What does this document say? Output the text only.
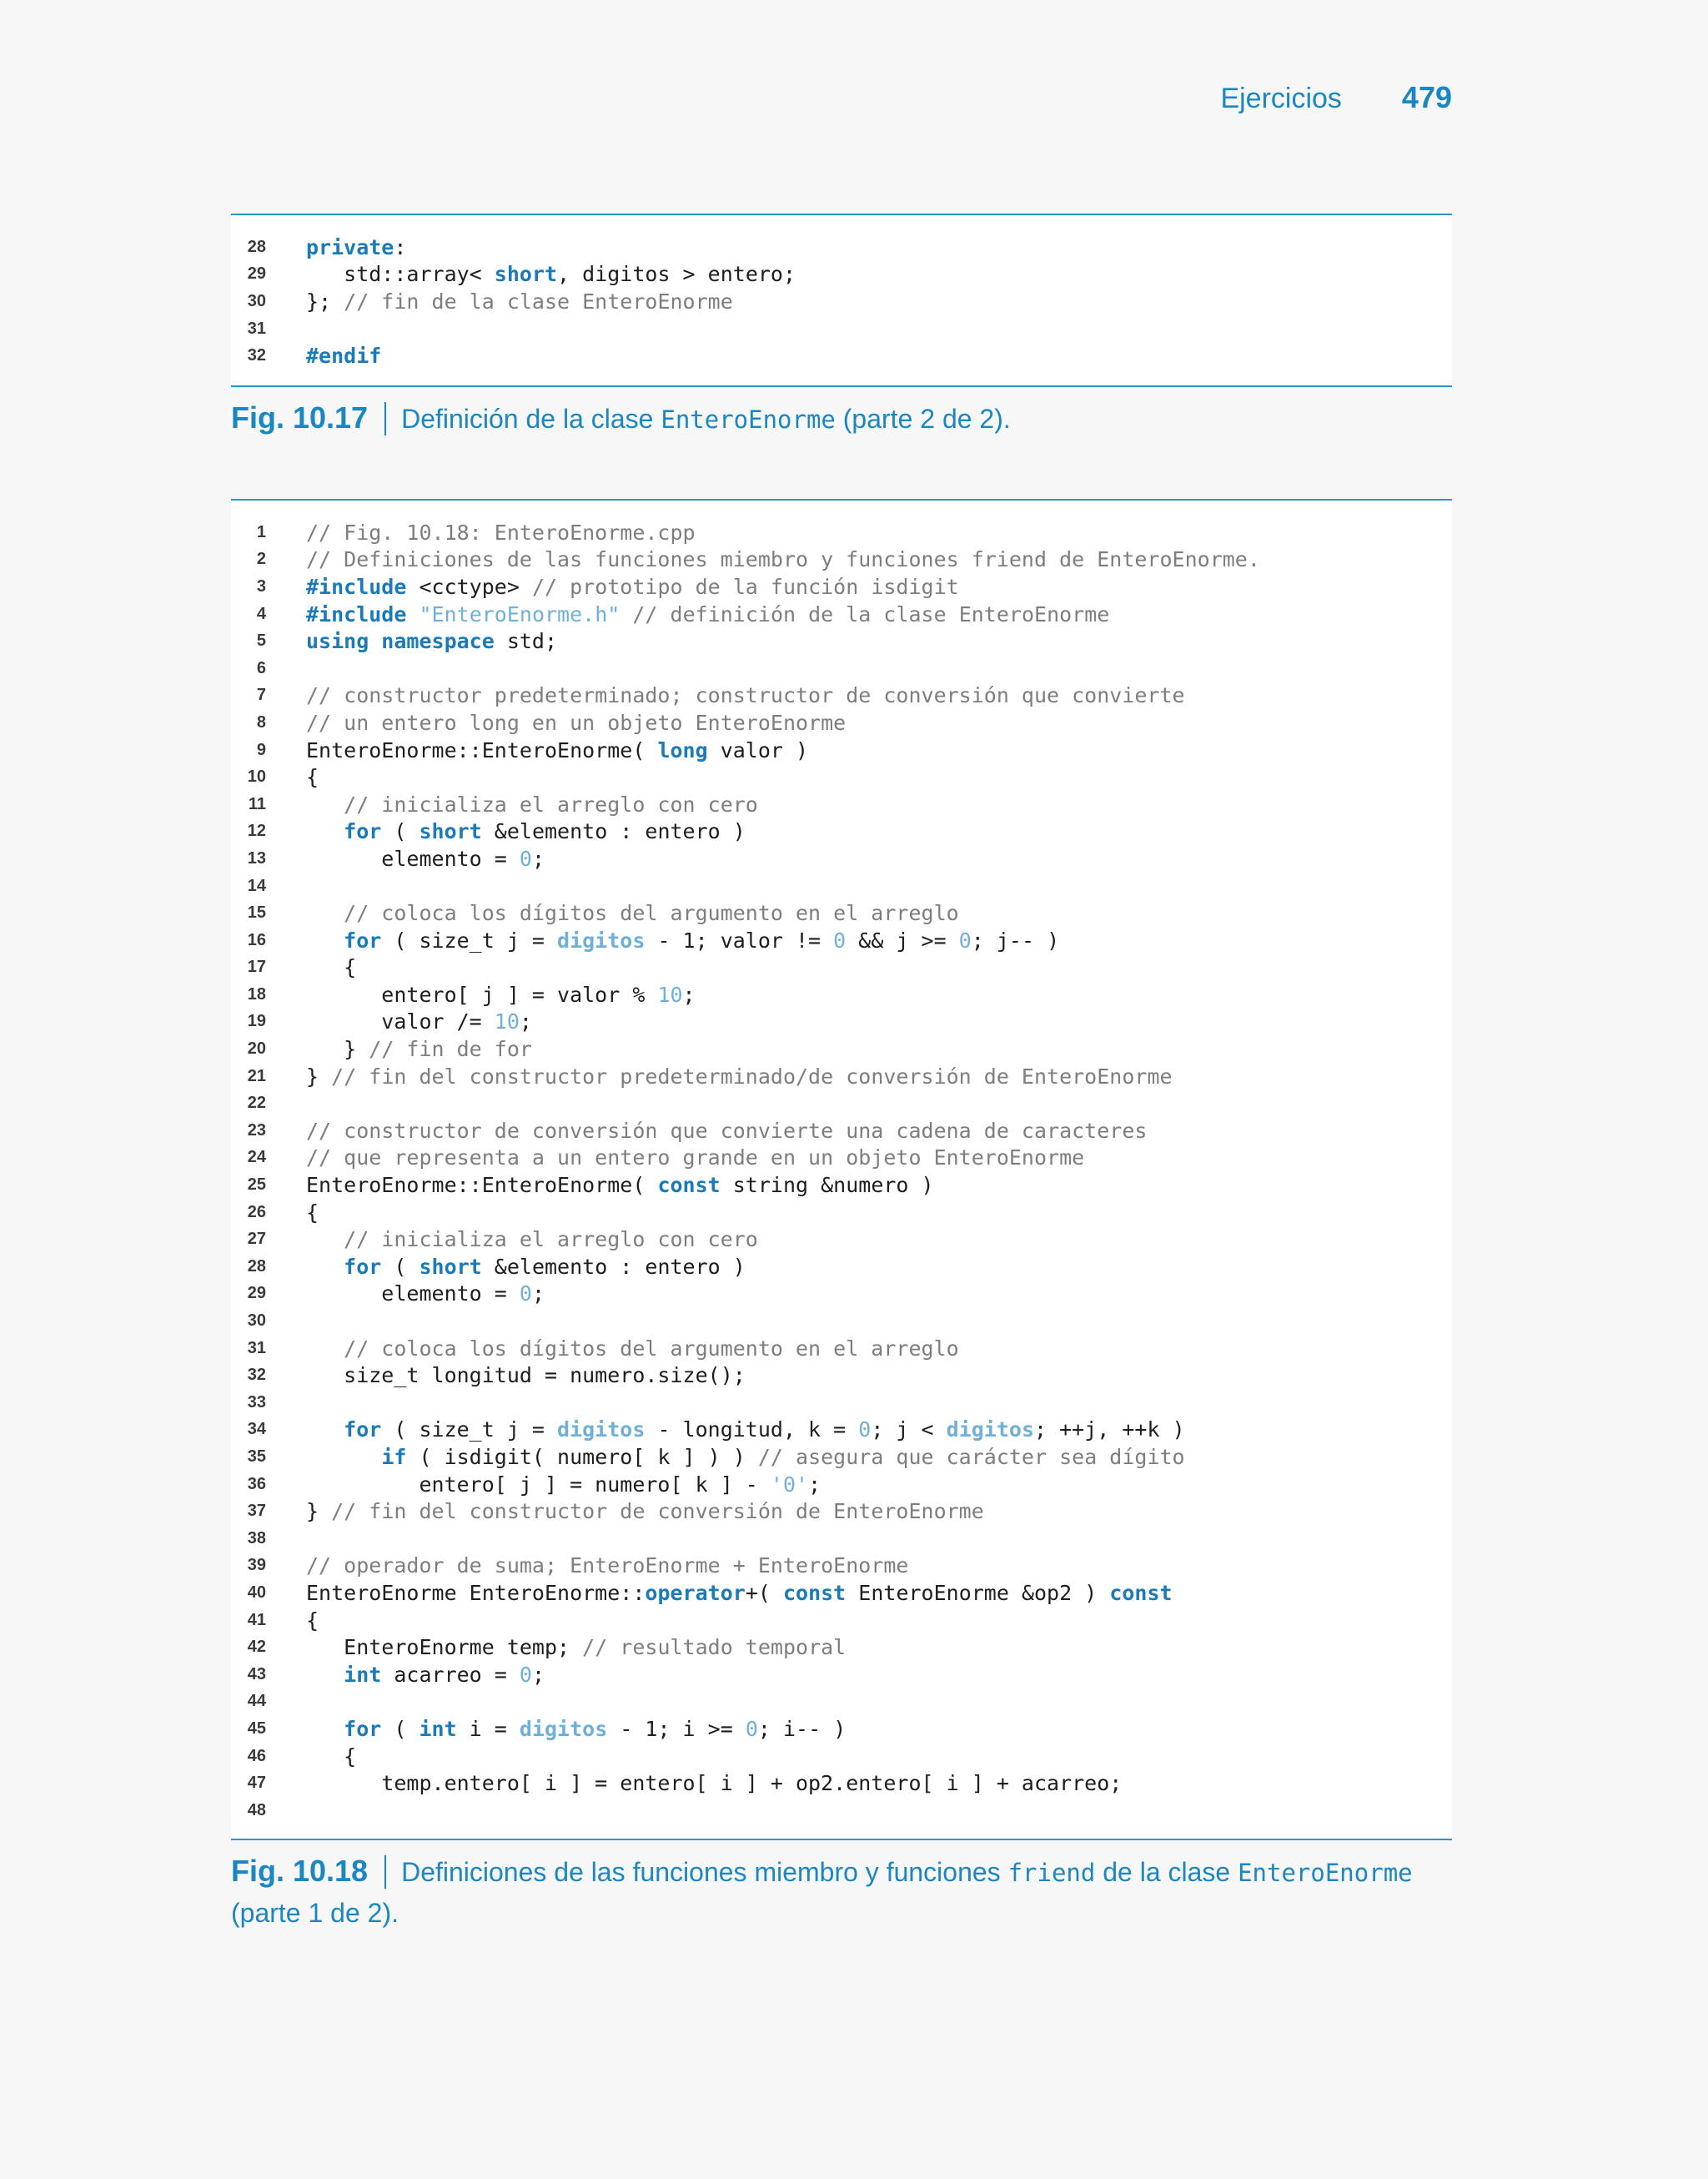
Ejercicios 479
28 private:
29 std::array< short, digitos > entero;
30 }; // fin de la clase EnteroEnorme
31
32 #endif
Fig. 10.17 Definición de la clase EnteroEnorme (parte 2 de 2).
1 // Fig. 10.18: EnteroEnorme.cpp
2 // Definiciones de las funciones miembro y funciones friend de EnteroEnorme.
3 #include <cctype> // prototipo de la función isdigit
4 #include "EnteroEnorme.h" // definición de la clase EnteroEnorme
5 using namespace std;
6
7 // constructor predeterminado; constructor de conversión que convierte
8 // un entero long en un objeto EnteroEnorme
9 EnteroEnorme::EnteroEnorme( long valor )
10 {
11	// inicializa el arreglo con cero
12	for ( short &elemento : entero )
13 elemento = 0;
14
15	// coloca los dígitos del argumento en el arreglo
16	for ( size_t j = digitos - 1; valor != 0 && j >= 0; j-- )
17 {
18 entero[ j ] = valor % 10;
19 valor /= 10;
20 } // fin de for
21 } // fin del constructor predeterminado/de conversión de EnteroEnorme
22
23 // constructor de conversión que convierte una cadena de caracteres
24 // que representa a un entero grande en un objeto EnteroEnorme
25 EnteroEnorme::EnteroEnorme( const string &numero )
26 {
27	// inicializa el arreglo con cero
28	for ( short &elemento : entero )
29 elemento = 0;
30
31	// coloca los dígitos del argumento en el arreglo
32 size_t longitud = numero.size();
33
34	for ( size_t j = digitos - longitud, k = 0; j < digitos; ++j, ++k )
35	if ( isdigit( numero[ k ] ) ) // asegura que carácter sea dígito
36 entero[ j ] = numero[ k ] - '0';
37 } // fin del constructor de conversión de EnteroEnorme
38
39 // operador de suma; EnteroEnorme + EnteroEnorme
40 EnteroEnorme EnteroEnorme::operator+( const EnteroEnorme &op2 ) const
41 {
42 EnteroEnorme temp; // resultado temporal
43	int acarreo = 0;
44
45	for ( int i = digitos - 1; i >= 0; i-- )
46 {
47 temp.entero[ i ] = entero[ i ] + op2.entero[ i ] + acarreo;
48
Fig. 10.18 Definiciones de las funciones miembro y funciones friend de la clase EnteroEnorme (parte 1 de 2).
